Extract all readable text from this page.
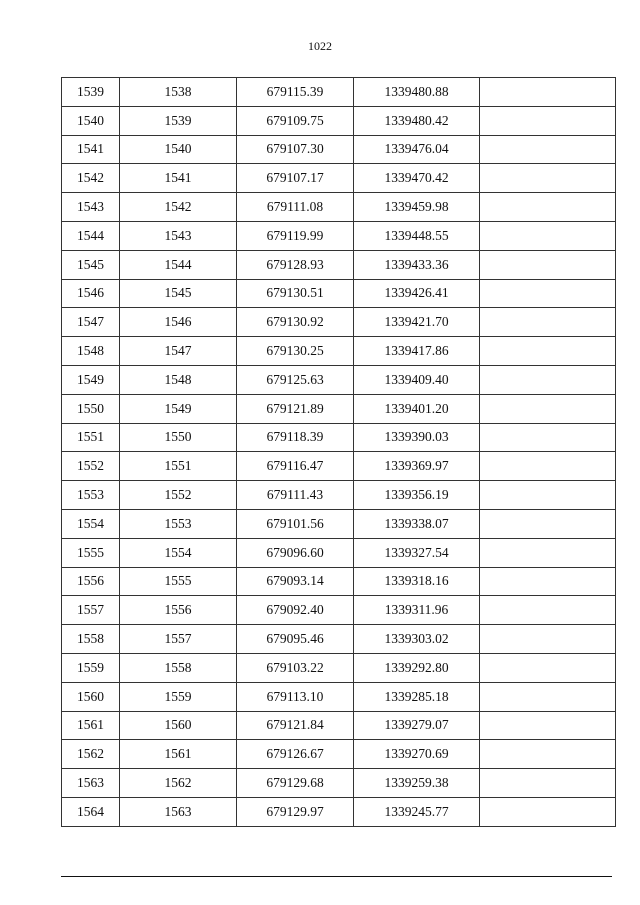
1022
1539	1538	679115.39	1339480.88	
1540	1539	679109.75	1339480.42	
1541	1540	679107.30	1339476.04	
1542	1541	679107.17	1339470.42	
1543	1542	679111.08	1339459.98	
1544	1543	679119.99	1339448.55	
1545	1544	679128.93	1339433.36	
1546	1545	679130.51	1339426.41	
1547	1546	679130.92	1339421.70	
1548	1547	679130.25	1339417.86	
1549	1548	679125.63	1339409.40	
1550	1549	679121.89	1339401.20	
1551	1550	679118.39	1339390.03	
1552	1551	679116.47	1339369.97	
1553	1552	679111.43	1339356.19	
1554	1553	679101.56	1339338.07	
1555	1554	679096.60	1339327.54	
1556	1555	679093.14	1339318.16	
1557	1556	679092.40	1339311.96	
1558	1557	679095.46	1339303.02	
1559	1558	679103.22	1339292.80	
1560	1559	679113.10	1339285.18	
1561	1560	679121.84	1339279.07	
1562	1561	679126.67	1339270.69	
1563	1562	679129.68	1339259.38	
1564	1563	679129.97	1339245.77	
